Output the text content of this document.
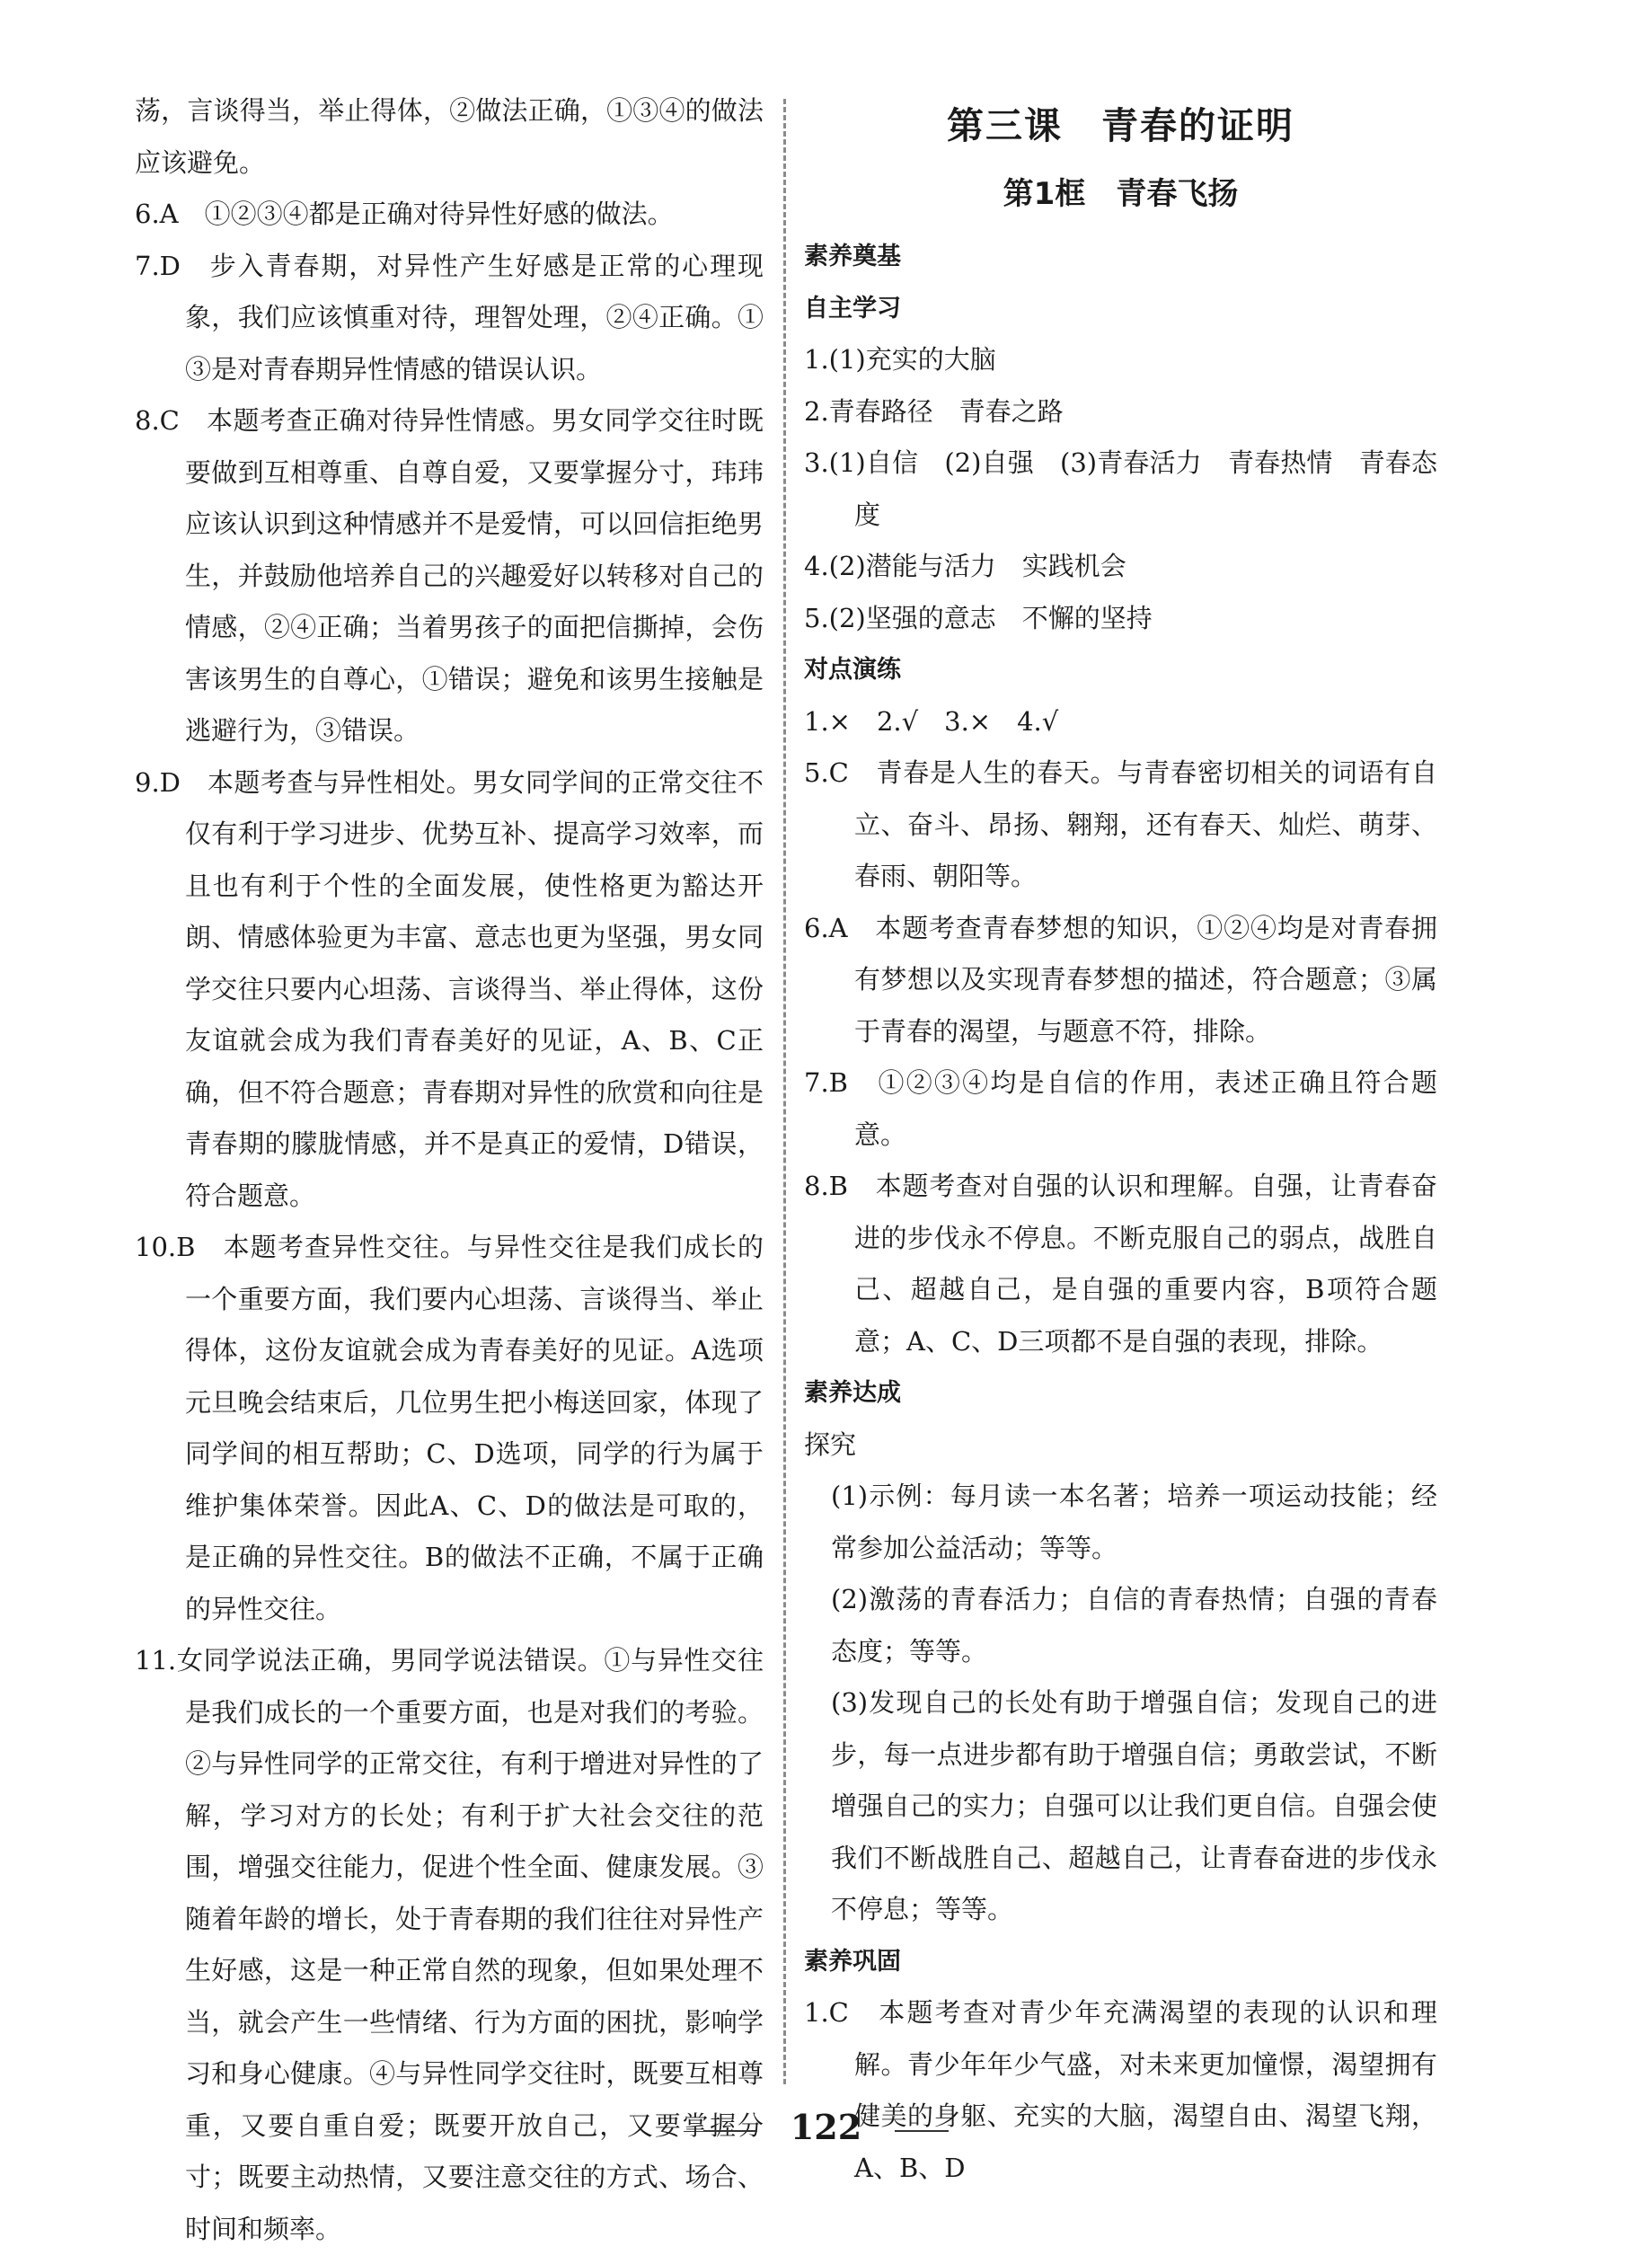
荡，言谈得当，举止得体，②做法正确，①③④的做法应该避免。

6.A　①②③④都是正确对待异性好感的做法。

7.D　步入青春期，对异性产生好感是正常的心理现象，我们应该慎重对待，理智处理，②④正确。①③是对青春期异性情感的错误认识。

8.C　本题考查正确对待异性情感。男女同学交往时既要做到互相尊重、自尊自爱，又要掌握分寸，玮玮应该认识到这种情感并不是爱情，可以回信拒绝男生，并鼓励他培养自己的兴趣爱好以转移对自己的情感，②④正确；当着男孩子的面把信撕掉，会伤害该男生的自尊心，①错误；避免和该男生接触是逃避行为，③错误。

9.D　本题考查与异性相处。男女同学间的正常交往不仅有利于学习进步、优势互补、提高学习效率，而且也有利于个性的全面发展，使性格更为豁达开朗、情感体验更为丰富、意志也更为坚强，男女同学交往只要内心坦荡、言谈得当、举止得体，这份友谊就会成为我们青春美好的见证，A、B、C正确，但不符合题意；青春期对异性的欣赏和向往是青春期的朦胧情感，并不是真正的爱情，D错误，符合题意。

10.B　本题考查异性交往。与异性交往是我们成长的一个重要方面，我们要内心坦荡、言谈得当、举止得体，这份友谊就会成为青春美好的见证。A选项元旦晚会结束后，几位男生把小梅送回家，体现了同学间的相互帮助；C、D选项，同学的行为属于维护集体荣誉。因此A、C、D的做法是可取的，是正确的异性交往。B的做法不正确，不属于正确的异性交往。

11.女同学说法正确，男同学说法错误。①与异性交往是我们成长的一个重要方面，也是对我们的考验。②与异性同学的正常交往，有利于增进对异性的了解，学习对方的长处；有利于扩大社会交往的范围，增强交往能力，促进个性全面、健康发展。③随着年龄的增长，处于青春期的我们往往对异性产生好感，这是一种正常自然的现象，但如果处理不当，就会产生一些情绪、行为方面的困扰，影响学习和身心健康。④与异性同学交往时，既要互相尊重，又要自重自爱；既要开放自己，又要掌握分寸；既要主动热情，又要注意交往的方式、场合、时间和频率。

第三课　青春的证明
第1框　青春飞扬

素养奠基

自主学习

1.(1)充实的大脑

2.青春路径　青春之路

3.(1)自信　(2)自强　(3)青春活力　青春热情　青春态度

4.(2)潜能与活力　实践机会

5.(2)坚强的意志　不懈的坚持

对点演练

1.×　2.√　3.×　4.√

5.C　青春是人生的春天。与青春密切相关的词语有自立、奋斗、昂扬、翱翔，还有春天、灿烂、萌芽、春雨、朝阳等。

6.A　本题考查青春梦想的知识，①②④均是对青春拥有梦想以及实现青春梦想的描述，符合题意；③属于青春的渴望，与题意不符，排除。

7.B　①②③④均是自信的作用，表述正确且符合题意。

8.B　本题考查对自强的认识和理解。自强，让青春奋进的步伐永不停息。不断克服自己的弱点，战胜自己、超越自己，是自强的重要内容，B项符合题意；A、C、D三项都不是自强的表现，排除。

素养达成

探究

(1)示例：每月读一本名著；培养一项运动技能；经常参加公益活动；等等。

(2)激荡的青春活力；自信的青春热情；自强的青春态度；等等。

(3)发现自己的长处有助于增强自信；发现自己的进步，每一点进步都有助于增强自信；勇敢尝试，不断增强自己的实力；自强可以让我们更自信。自强会使我们不断战胜自己、超越自己，让青春奋进的步伐永不停息；等等。

素养巩固

1.C　本题考查对青少年充满渴望的表现的认识和理解。青少年年少气盛，对未来更加憧憬，渴望拥有健美的身躯、充实的大脑，渴望自由、渴望飞翔，A、B、D

122
